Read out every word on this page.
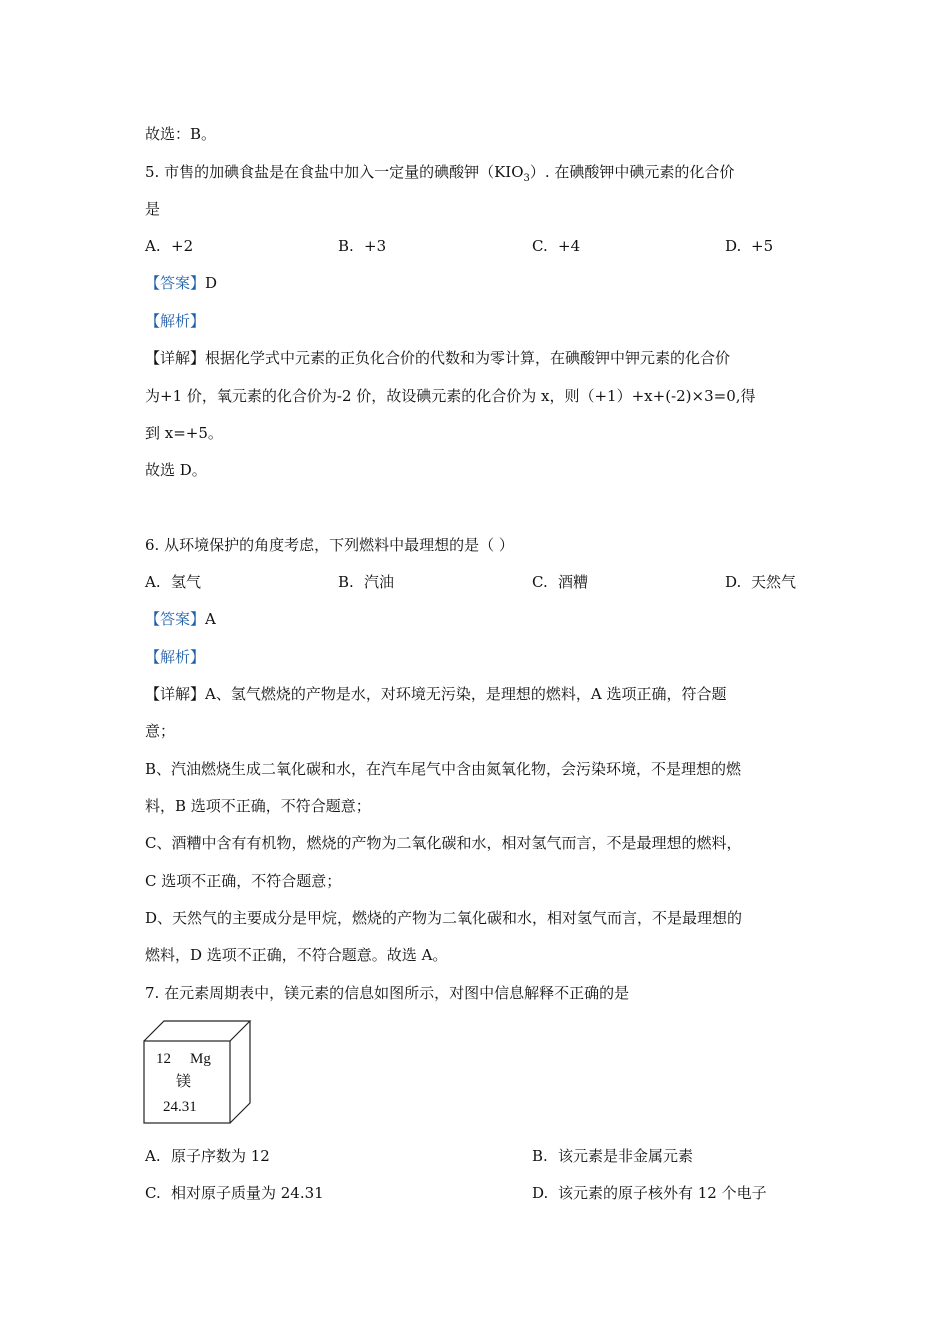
故选：B。
5. 市售的加碘食盐是在食盐中加入一定量的碘酸钾$(KIO_3)$. 在碘酸钾中碘元素的化合价
是
A. +2	B. +3	C. +4	D. +5
【答案】D
【解析】
【详解】根据化学式中元素的正负化合价的代数和为零计算，在碘酸钾中钾元素的化合价
为+1 价，氧元素的化合价为-2 价，故设碘元素的化合价为 x，则（+1）+x+(-2)×3=0,得
到 x=+5。
故选 D。
6. 从环境保护的角度考虑，下列燃料中最理想的是（ ）
A. 氢气	B. 汽油	C. 酒糟	D. 天然气
【答案】A
【解析】
【详解】A、氢气燃烧的产物是水，对环境无污染，是理想的燃料，A 选项正确，符合题
意；
B、汽油燃烧生成二氧化碳和水，在汽车尾气中含由氮氧化物，会污染环境，不是理想的燃
料，B 选项不正确，不符合题意；
C、酒糟中含有有机物，燃烧的产物为二氧化碳和水，相对氢气而言，不是最理想的燃料，
C 选项不正确，不符合题意；
D、天然气的主要成分是甲烷，燃烧的产物为二氧化碳和水，相对氢气而言，不是最理想的
燃料，D 选项不正确，不符合题意。故选 A。
7. 在元素周期表中，镁元素的信息如图所示，对图中信息解释不正确的是
12 Mg
镁
24.31
A. 原子序数为 12	B. 该元素是非金属元素
C. 相对原子质量为 24.31	D. 该元素的原子核外有 12 个电子
